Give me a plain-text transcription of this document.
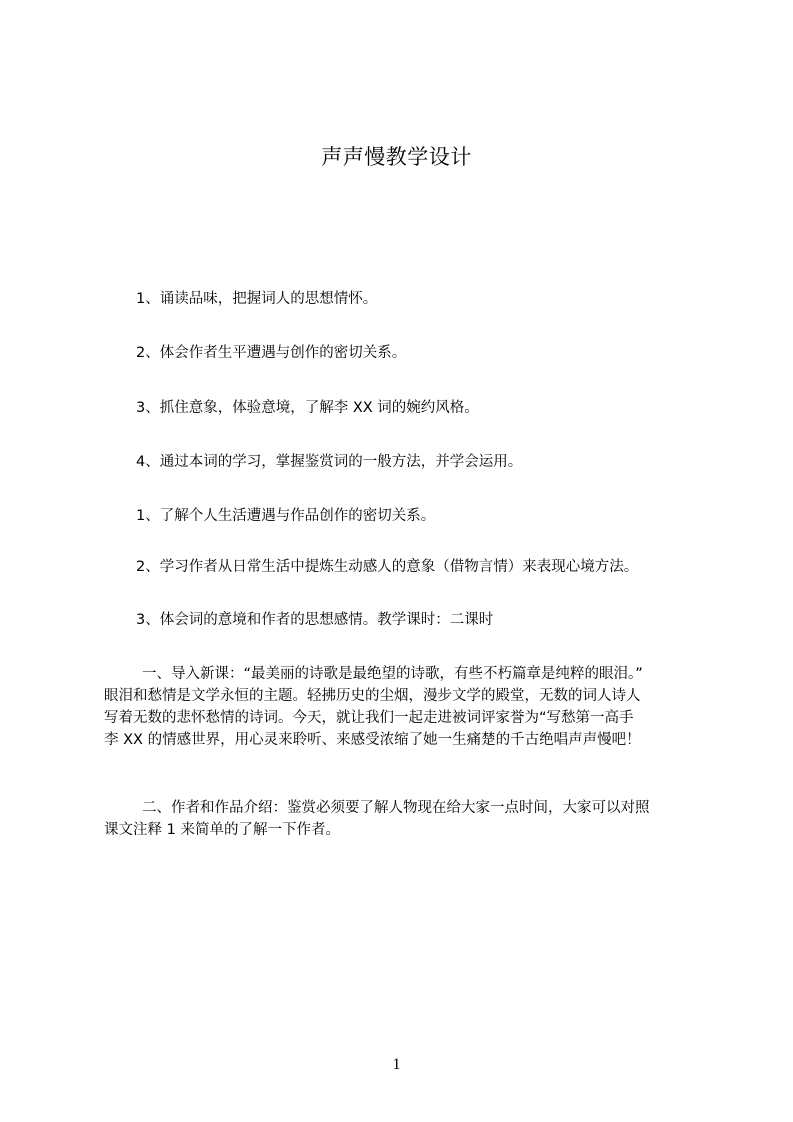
声声慢教学设计
1、诵读品味，把握词人的思想情怀。
2、体会作者生平遭遇与创作的密切关系。
3、抓住意象，体验意境，了解李 XX 词的婉约风格。
4、通过本词的学习，掌握鉴赏词的一般方法，并学会运用。
1、了解个人生活遭遇与作品创作的密切关系。
2、学习作者从日常生活中提炼生动感人的意象（借物言情）来表现心境方法。
3、体会词的意境和作者的思想感情。教学课时：二课时
一、导入新课：“最美丽的诗歌是最绝望的诗歌，有些不朽篇章是纯粹的眼泪。”
眼泪和愁情是文学永恒的主题。轻拂历史的尘烟，漫步文学的殿堂，无数的词人诗人
写着无数的悲怀愁情的诗词。今天，就让我们一起走进被词评家誉为“写愁第一高手
李 XX 的情感世界，用心灵来聆听、来感受浓缩了她一生痛楚的千古绝唱声声慢吧！
二、作者和作品介绍：鉴赏必须要了解人物现在给大家一点时间，大家可以对照
课文注释 1 来简单的了解一下作者。
1
